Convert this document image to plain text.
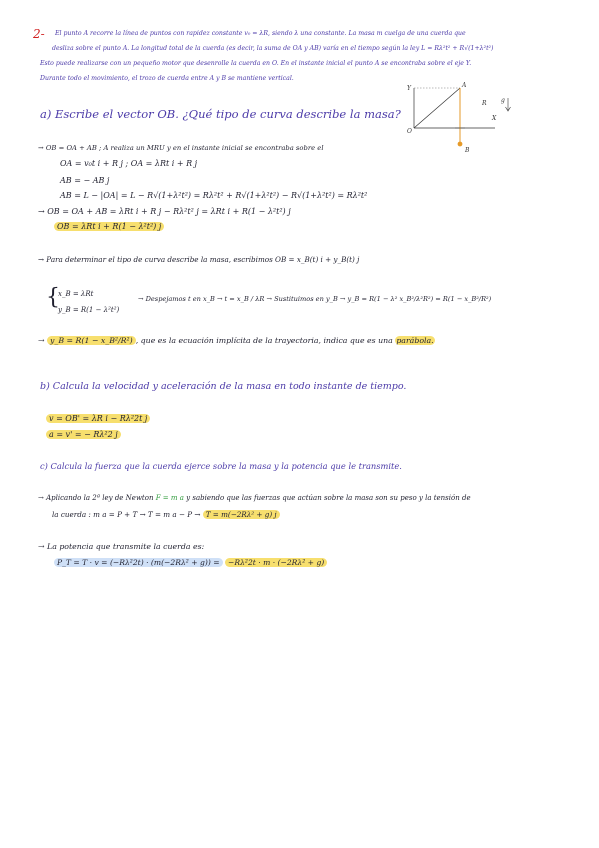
2- El punto A recorre la línea de puntos con rapidez constante v₀ = λR, siendo λ una constante. La masa m cuelga de una cuerda que
desliza sobre el punto A. La longitud total de la cuerda (es decir, la suma de OA y AB) varía en el tiempo según la ley L = Rλ²t² + R√(1+λ²t²)
Esto puede realizarse con un pequeño motor que desenrolle la cuerda en O. En el instante inicial el punto A se encontraba sobre el eje Y.
Durante todo el movimiento, el trozo de cuerda entre A y B se mantiene vertical.
Y	A
R g
X
O
B
a) Escribe el vector OB. ¿Qué tipo de curva describe la masa?
→ OB = OA + AB ; A realiza un MRU y en el instante inicial se encontraba sobre el
OA = v₀t i + R j ; OA = λRt i + R j
AB = − AB j
AB = L − |OA| = L − R√(1+λ²t²) = Rλ²t² + R√(1+λ²t²) − R√(1+λ²t²) = Rλ²t²
→ OB = OA + AB = λRt i + R j − Rλ²t² j = λRt i + R(1 − λ²t²) j
OB = λRt i + R(1 − λ²t²) j
→ Para determinar el tipo de curva describe la masa, escribimos OB = x_B(t) i + y_B(t) j
{
x_B = λRt
y_B = R(1 − λ²t²)
→ Despejamos t en x_B → t = x_B / λR → Sustituimos en y_B → y_B = R(1 − λ² x_B²/λ²R²) = R(1 − x_B²/R²)
→ y_B = R(1 − x_B²/R²) , que es la ecuación implícita de la trayectoria, indica que es una parábola.
b) Calcula la velocidad y aceleración de la masa en todo instante de tiempo.
v = OB' = λR i − Rλ²2t j
a = v' = − Rλ²2 j
c) Calcula la fuerza que la cuerda ejerce sobre la masa y la potencia que le transmite.
→ Aplicando la 2ª ley de Newton F = m a y sabiendo que las fuerzas que actúan sobre la masa son su peso y la tensión de
la cuerda : m a = P + T → T = m a − P → T = m(−2Rλ² + g) j
→ La potencia que transmite la cuerda es:
P_T = T · v = (−Rλ²2t) · (m(−2Rλ² + g)) = −Rλ²2t · m · (−2Rλ² + g)
